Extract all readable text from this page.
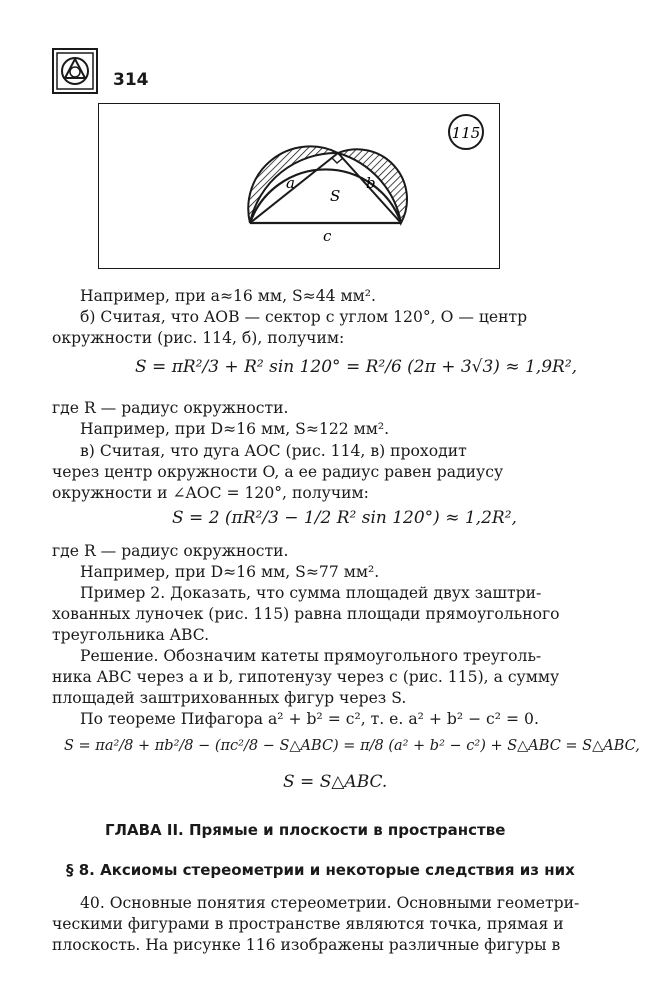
314
115
a	b
S
c
Например, при a≈16 мм, S≈44 мм².
б) Считая, что AOB — сектор с углом 120°, O — центр
окружности (рис. 114, б), получим:
S = πR²/3 + R² sin 120° = R²/6 (2π + 3√3) ≈ 1,9R²,
где R — радиус окружности.
Например, при D≈16 мм, S≈122 мм².
в) Считая, что дуга AOC (рис. 114, в) проходит
через центр окружности O, а ее радиус равен радиусу
окружности и ∠AOC = 120°, получим:
S = 2 (πR²/3 − 1/2 R² sin 120°) ≈ 1,2R²,
где R — радиус окружности.
Например, при D≈16 мм, S≈77 мм².
Пример 2. Доказать, что сумма площадей двух заштри-
хованных луночек (рис. 115) равна площади прямоугольного
треугольника ABC.
Решение. Обозначим катеты прямоугольного треуголь-
ника ABC через a и b, гипотенузу через c (рис. 115), а сумму
площадей заштрихованных фигур через S.
По теореме Пифагора a² + b² = c², т. е. a² + b² − c² = 0.
S = πa²/8 + πb²/8 − (πc²/8 − S△ABC) = π/8 (a² + b² − c²) + S△ABC = S△ABC,
S = S△ABC.
ГЛАВА II. Прямые и плоскости в пространстве
§ 8. Аксиомы стереометрии и некоторые следствия из них
40. Основные понятия стереометрии. Основными геометри-
ческими фигурами в пространстве являются точка, прямая и
плоскость. На рисунке 116 изображены различные фигуры в
